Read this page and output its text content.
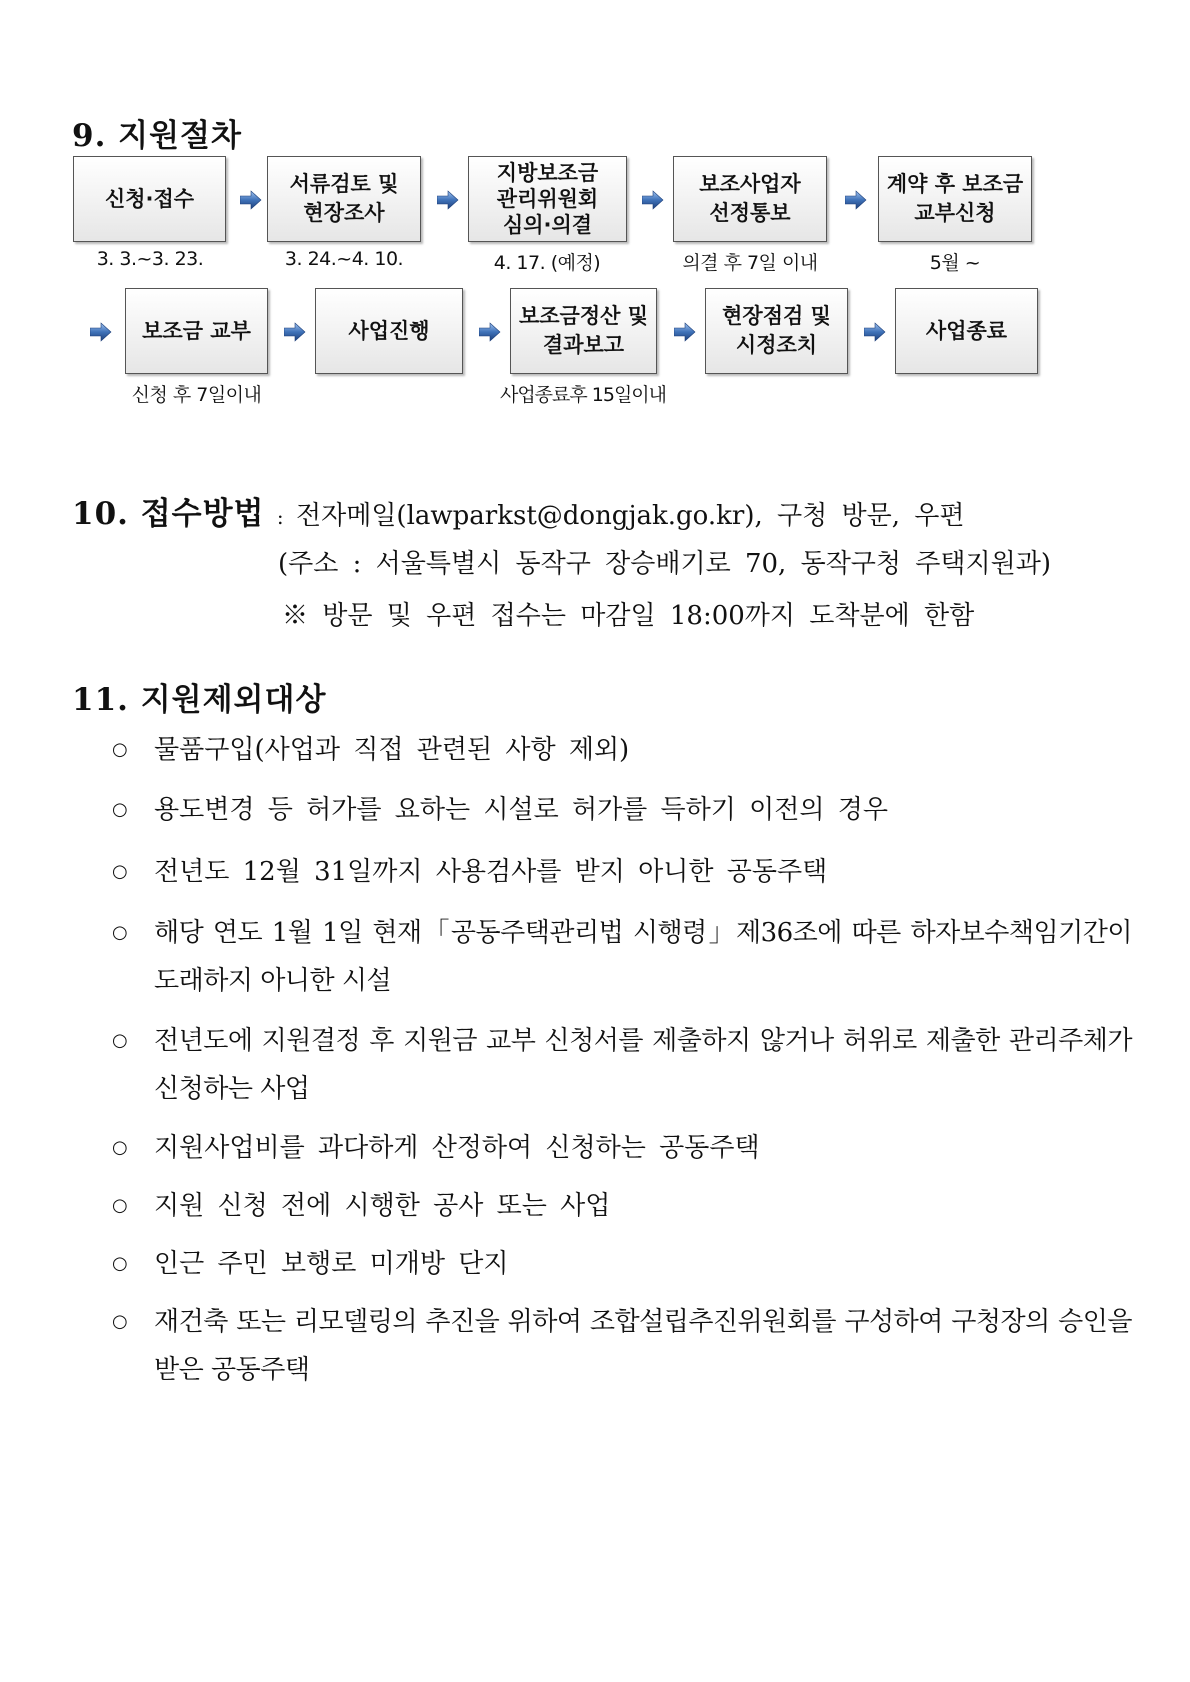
9. 지원절차
신청·접수
3. 3.~3. 23.
서류검토 및 현장조사
3. 24.~4. 10.
지방보조금 관리위원회 심의·의결
4. 17. (예정)
보조사업자 선정통보
의결 후 7일 이내
계약 후 보조금 교부신청
5월 ~
보조금 교부
신청 후 7일이내
사업진행
보조금정산 및 결과보고
사업종료후 15일이내
현장점검 및 시정조치
사업종료
10. 접수방법 : 전자메일(lawparkst@dongjak.go.kr), 구청 방문, 우편
(주소 : 서울특별시 동작구 장승배기로 70, 동작구청 주택지원과)
※ 방문 및 우편 접수는 마감일 18:00까지 도착분에 한함
11. 지원제외대상
○ 물품구입(사업과 직접 관련된 사항 제외)
○ 용도변경 등 허가를 요하는 시설로 허가를 득하기 이전의 경우
○ 전년도 12월 31일까지 사용검사를 받지 아니한 공동주택
○ 해당 연도 1월 1일 현재「공동주택관리법 시행령」제36조에 따른 하자보수책임기간이 도래하지 아니한 시설
○ 전년도에 지원결정 후 지원금 교부 신청서를 제출하지 않거나 허위로 제출한 관리주체가 신청하는 사업
○ 지원사업비를 과다하게 산정하여 신청하는 공동주택
○ 지원 신청 전에 시행한 공사 또는 사업
○ 인근 주민 보행로 미개방 단지
○ 재건축 또는 리모델링의 추진을 위하여 조합설립추진위원회를 구성하여 구청장의 승인을 받은 공동주택
